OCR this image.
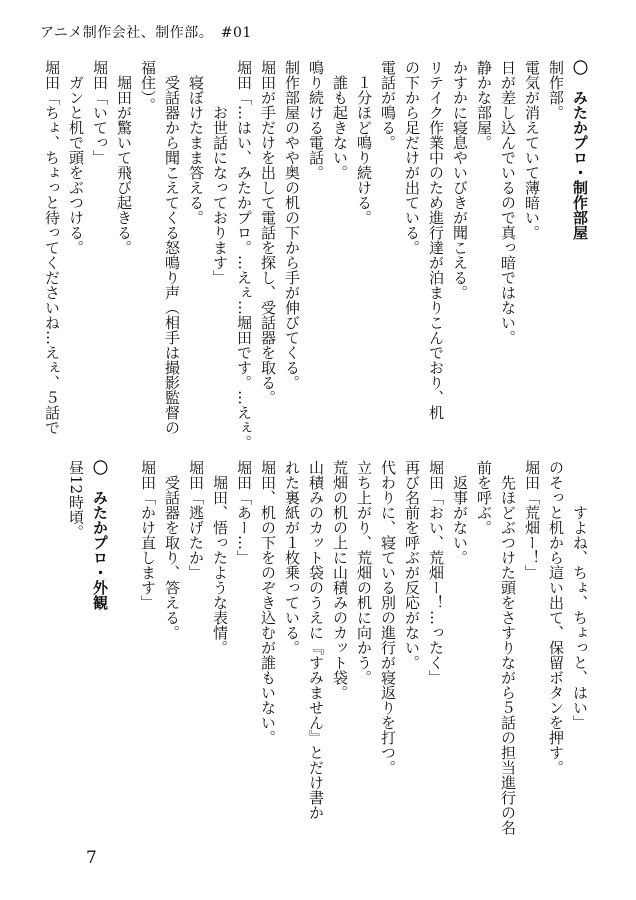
アニメ制作会社、制作部。　#01
〇　みたかプロ・制作部屋
制作部。
電気が消えていて薄暗い。
日が差し込んでいるので真っ暗ではない。
静かな部屋。
かすかに寝息やいびきが聞こえる。
リテイク作業中のため進行達が泊まりこんでおり、机
の下から足だけが出ている。
電話が鳴る。
　１分ほど鳴り続ける。
　誰も起きない。
鳴り続ける電話。
制作部屋のやや奥の机の下から手が伸びてくる。
堀田が手だけを出して電話を探し、受話器を取る。
堀田「…はい、みたかプロ。…えぇ…堀田です。…えぇ。
　　　お世話になっております」
　寝ぼけたまま答える。
　受話器から聞こえてくる怒鳴り声（相手は撮影監督の
福住）。
　堀田が驚いて飛び起きる。
堀田「いてっ」
　ガンと机で頭をぶつける。
堀田「ちょ、ちょっと待ってくださいね…えぇ、５話で
　　　すよね、ちょ、ちょっと、はい」
のそっと机から這い出て、保留ボタンを押す。
堀田「荒畑ー！」
　先ほどぶつけた頭をさすりながら５話の担当進行の名
前を呼ぶ。
　返事がない。
堀田「おい、荒畑ー！…ったく」
再び名前を呼ぶが反応がない。
代わりに、寝ている別の進行が寝返りを打つ。
立ち上がり、荒畑の机に向かう。
荒畑の机の上に山積みのカット袋。
山積みのカット袋のうえに『すみません』とだけ書か
れた裏紙が１枚乗っている。
堀田、机の下をのぞき込むが誰もいない。
堀田「あー…」
　堀田、悟ったような表情。
堀田「逃げたか」
　受話器を取り、答える。
堀田「かけ直します」
〇　みたかプロ・外観
昼12時頃。
7
